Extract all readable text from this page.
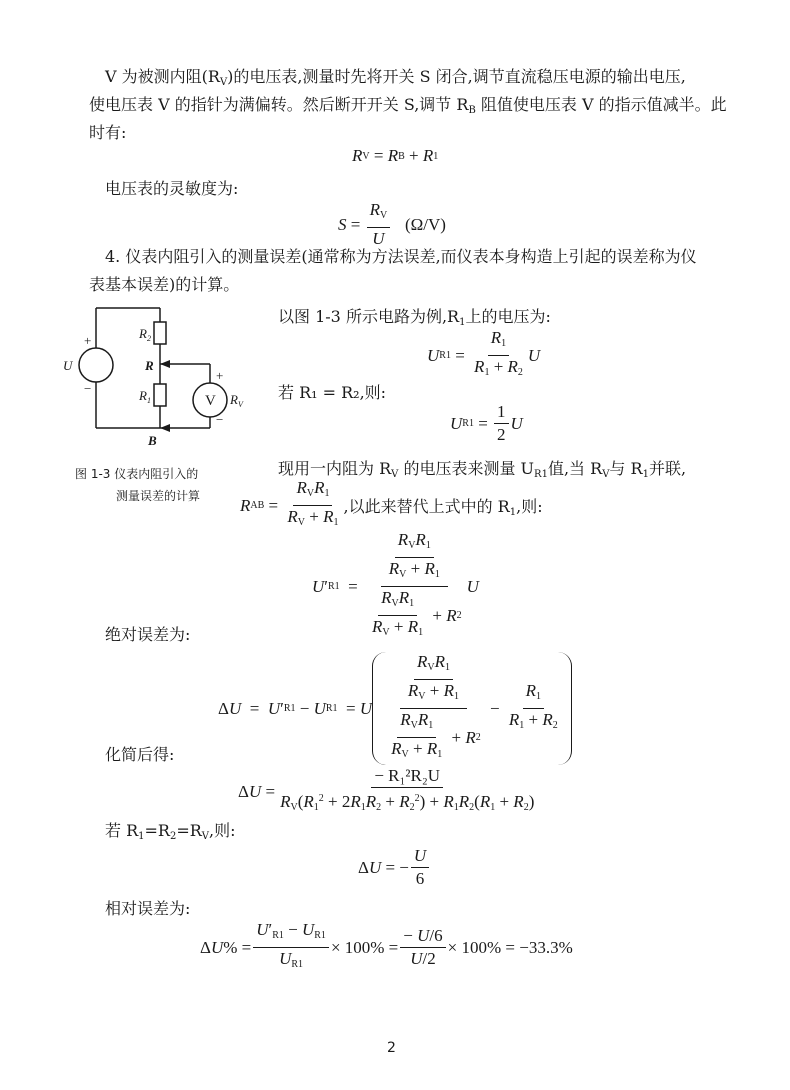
V 为被测内阻$(R_V)$的电压表,测量时先将开关 S 闭合,调节直流稳压电源的输出电压,
使电压表 V 的指针为满偏转。然后断开开关 S,调节 $R_B$ 阻值使电压表 V 的指示值减半。此
时有:
R V = R B + R 1
电压表的灵敏度为:
$S = \frac{R_V}{U}$
(Ω/V)
4. 仪表内阻引入的测量误差(通常称为方法误差,而仪表本身构造上引起的误差称为仪
表基本误差)的计算。
+
−
U
$R_2$
$R_1$
R
B
V
+
−
$R_V$
图 1-3 仪表内阻引入的
测量误差的计算
以图 1-3 所示电路为例$,R_1$上的电压为:
U $R1 = \frac{R_1}{R_1 + R_2}$ U
若 R₁ = R₂,则:
U $R1 = \frac{1}{2}$ U
现用一内阻为 $R_V$ 的电压表来测量 $U_{R1}$值,当 $R_V$与 $R_1$并联,
R AB = $\frac{R_VR_1}{R_V + R_1}$ ,以此来替代上式中的 $R_1$,则:
U ′ $R1 = \frac{\frac{R_VR_1}{R_V + R_1}}{\frac{R_VR_1}{R_V + R_1} + R 2}$ U
绝对误差为:
Δ U = U ′ R1 − U R1 = U $\frac{\frac{R_VR_1}{R_V + R_1}}{\frac{R_VR_1}{R_V + R_1} + R 2} - \frac{R_1}{R_1 + R_2}$
化简后得:
Δ $U = \frac{\text{− R₁²R₂U}}{R_V(R_1^2 + 2R_1R_2 + R_2^2) + R_1R_2(R_1 + R_2)}$
若 $R_1=R_2=R_V$,则:
Δ U = − $\frac{U}{6}$
相对误差为:
Δ U % = $\frac{U'_{R1} - U_{R1}}{U_{R1}} \times 100\% = \frac{- U/6}{U/2} \times 100\% = -33.3\%$
2
